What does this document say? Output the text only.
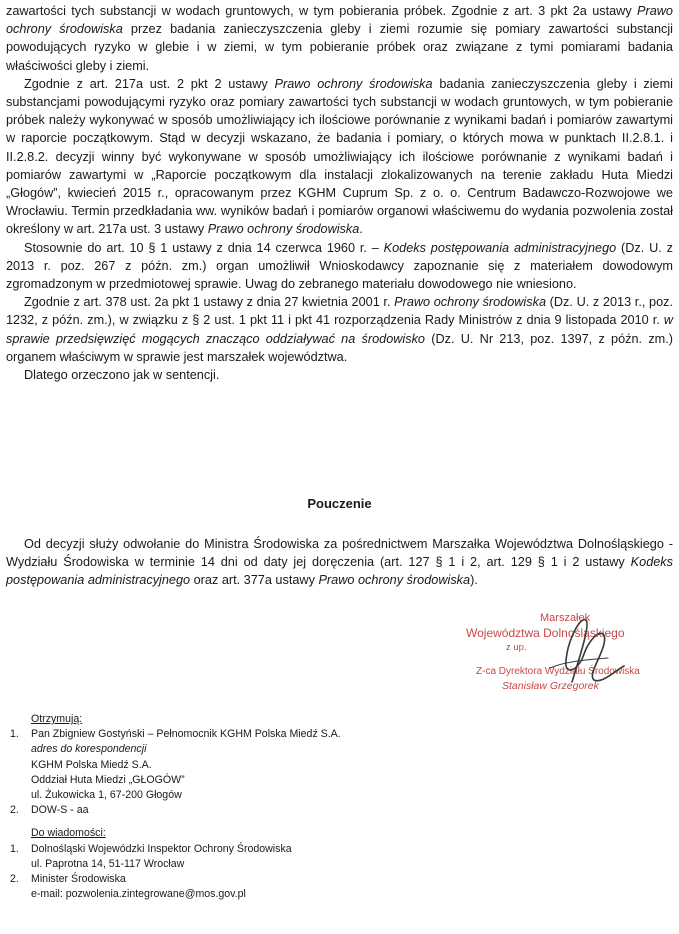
zawartości tych substancji w wodach gruntowych, w tym pobierania próbek. Zgodnie z art. 3 pkt 2a ustawy Prawo ochrony środowiska przez badania zanieczyszczenia gleby i ziemi rozumie się pomiary zawartości substancji powodujących ryzyko w glebie i w ziemi, w tym pobieranie próbek oraz związane z tymi pomiarami badania właściwości gleby i ziemi.

Zgodnie z art. 217a ust. 2 pkt 2 ustawy Prawo ochrony środowiska badania zanieczyszczenia gleby i ziemi substancjami powodującymi ryzyko oraz pomiary zawartości tych substancji w wodach gruntowych, w tym pobieranie próbek należy wykonywać w sposób umożliwiający ich ilościowe porównanie z wynikami badań i pomiarów zawartymi w raporcie początkowym. Stąd w decyzji wskazano, że badania i pomiary, o których mowa w punktach II.2.8.1. i II.2.8.2. decyzji winny być wykonywane w sposób umożliwiający ich ilościowe porównanie z wynikami badań i pomiarów zawartymi w „Raporcie początkowym dla instalacji zlokalizowanych na terenie zakładu Huta Miedzi „Głogów”, kwiecień 2015 r., opracowanym przez KGHM Cuprum Sp. z o. o. Centrum Badawczo-Rozwojowe we Wrocławiu. Termin przedkładania ww. wyników badań i pomiarów organowi właściwemu do wydania pozwolenia został określony w art. 217a ust. 3 ustawy Prawo ochrony środowiska.

Stosownie do art. 10 § 1 ustawy z dnia 14 czerwca 1960 r. – Kodeks postępowania administracyjnego (Dz. U. z 2013 r. poz. 267 z późn. zm.) organ umożliwił Wnioskodawcy zapoznanie się z materiałem dowodowym zgromadzonym w przedmiotowej sprawie. Uwag do zebranego materiału dowodowego nie wniesiono.

Zgodnie z art. 378 ust. 2a pkt 1 ustawy z dnia 27 kwietnia 2001 r. Prawo ochrony środowiska (Dz. U. z 2013 r., poz. 1232, z późn. zm.), w związku z § 2 ust. 1 pkt 11 i pkt 41 rozporządzenia Rady Ministrów z dnia 9 listopada 2010 r. w sprawie przedsięwzięć mogących znacząco oddziaływać na środowisko (Dz. U. Nr 213, poz. 1397, z późn. zm.) organem właściwym w sprawie jest marszałek województwa.

Dlatego orzeczono jak w sentencji.

Pouczenie

Od decyzji służy odwołanie do Ministra Środowiska za pośrednictwem Marszałka Województwa Dolnośląskiego - Wydziału Środowiska w terminie 14 dni od daty jej doręczenia (art. 127 § 1 i 2, art. 129 § 1 i 2 ustawy Kodeks postępowania administracyjnego oraz art. 377a ustawy Prawo ochrony środowiska).

Marszałek
Województwa Dolnośląskiego
z up.
Z-ca Dyrektora Wydziału Środowiska
Stanisław Grzegorek
Otrzymują:
1.	Pan Zbigniew Gostyński – Pełnomocnik KGHM Polska Miedź S.A.
adres do korespondencji
KGHM Polska Miedź S.A.
Oddział Huta Miedzi „GŁOGÓW”
ul. Żukowicka 1, 67-200 Głogów
2.	DOW-S - aa
Do wiadomości:
1.	Dolnośląski Wojewódzki Inspektor Ochrony Środowiska
ul. Paprotna 14, 51-117 Wrocław
2.	Minister Środowiska
e-mail: pozwolenia.zintegrowane@mos.gov.pl
